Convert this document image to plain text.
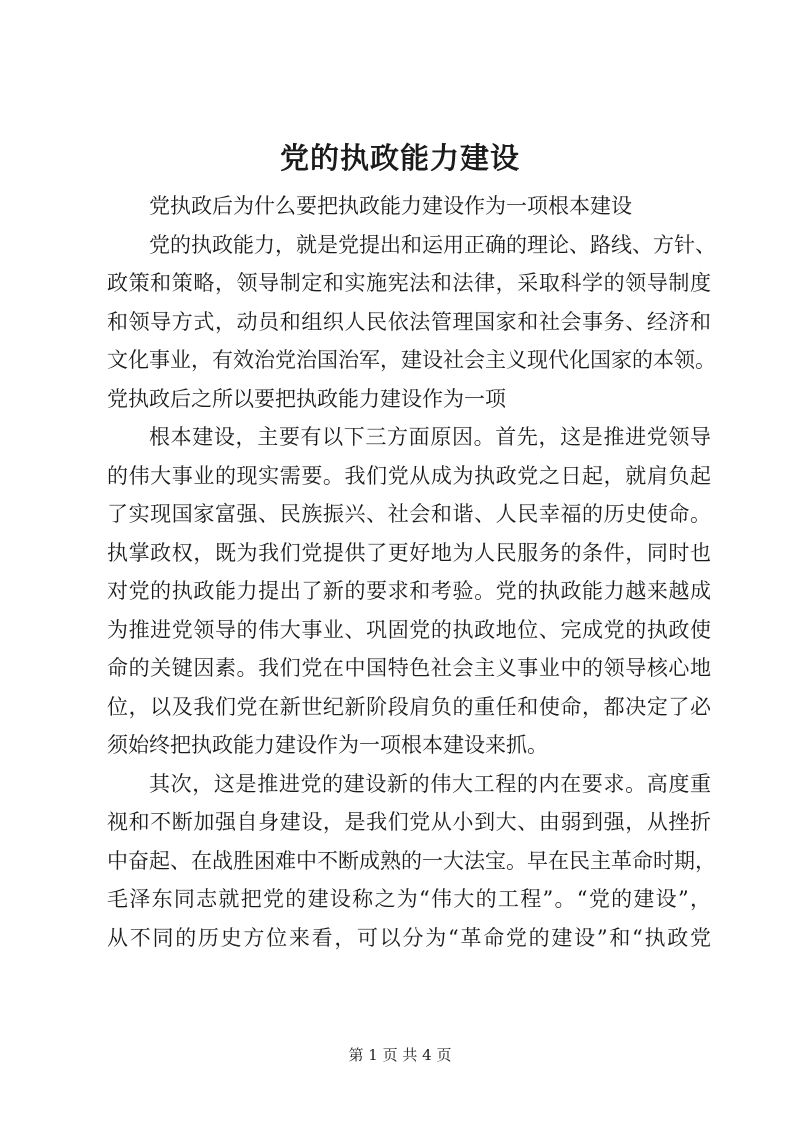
党的执政能力建设
党执政后为什么要把执政能力建设作为一项根本建设
党的执政能力，就是党提出和运用正确的理论、路线、方针、
政策和策略，领导制定和实施宪法和法律，采取科学的领导制度
和领导方式，动员和组织人民依法管理国家和社会事务、经济和
文化事业，有效治党治国治军，建设社会主义现代化国家的本领。
党执政后之所以要把执政能力建设作为一项
根本建设，主要有以下三方面原因。首先，这是推进党领导
的伟大事业的现实需要。我们党从成为执政党之日起，就肩负起
了实现国家富强、民族振兴、社会和谐、人民幸福的历史使命。
执掌政权，既为我们党提供了更好地为人民服务的条件，同时也
对党的执政能力提出了新的要求和考验。党的执政能力越来越成
为推进党领导的伟大事业、巩固党的执政地位、完成党的执政使
命的关键因素。我们党在中国特色社会主义事业中的领导核心地
位，以及我们党在新世纪新阶段肩负的重任和使命，都决定了必
须始终把执政能力建设作为一项根本建设来抓。
其次，这是推进党的建设新的伟大工程的内在要求。高度重
视和不断加强自身建设，是我们党从小到大、由弱到强，从挫折
中奋起、在战胜困难中不断成熟的一大法宝。早在民主革命时期，
毛泽东同志就把党的建设称之为“伟大的工程”。“党的建设”，
从不同的历史方位来看，可以分为“革命党的建设”和“执政党
第 1 页 共 4 页
